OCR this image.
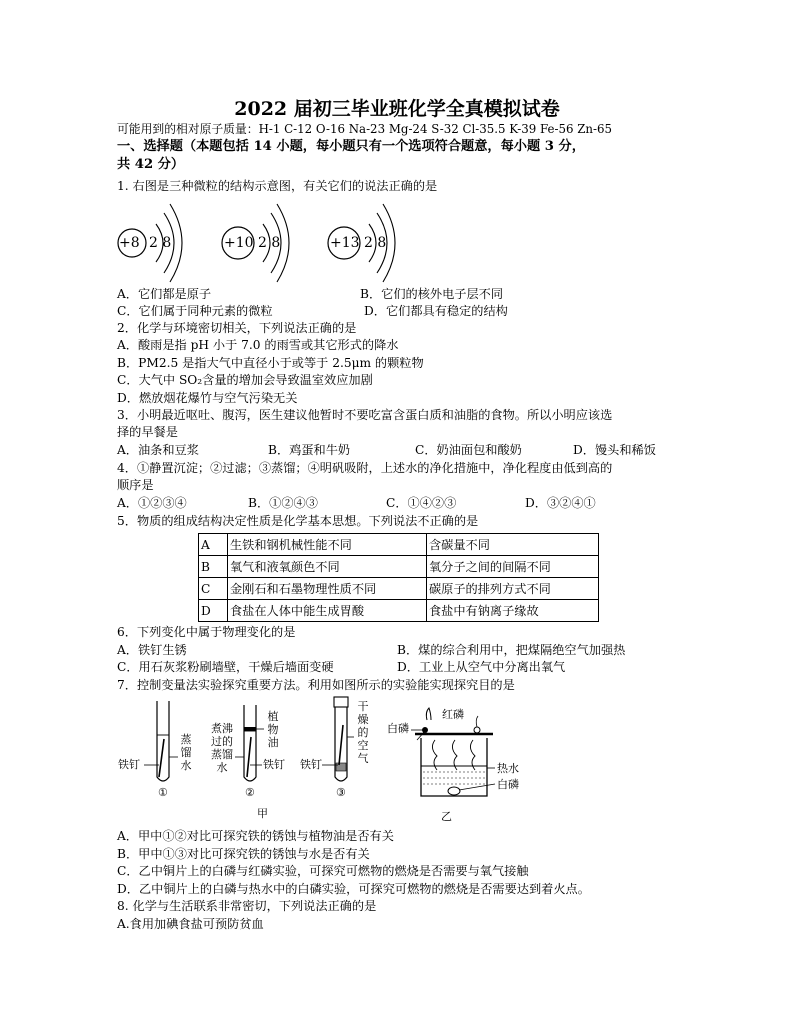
2022 届初三毕业班化学全真模拟试卷
可能用到的相对原子质量：H-1 C-12 O-16 Na-23 Mg-24 S-32 Cl-35.5 K-39 Fe-56 Zn-65
一、选择题（本题包括 14 小题，每小题只有一个选项符合题意，每小题 3 分，
共 42 分）
1. 右图是三种微粒的结构示意图，有关它们的说法正确的是
+8 2 8	+10 2 8	+13 2 8
A．它们都是原子	B．它们的核外电子层不同
C．它们属于同种元素的微粒	D．它们都具有稳定的结构
2．化学与环境密切相关，下列说法正确的是
A．酸雨是指 pH 小于 7.0 的雨雪或其它形式的降水
B．PM2.5 是指大气中直径小于或等于 2.5μm 的颗粒物
C．大气中 SO₂含量的增加会导致温室效应加剧
D．燃放烟花爆竹与空气污染无关
3．小明最近呕吐、腹泻，医生建议他暂时不要吃富含蛋白质和油脂的食物。所以小明应该选
择的早餐是
A．油条和豆浆	B．鸡蛋和牛奶	C．奶油面包和酸奶	D．馒头和稀饭
4．①静置沉淀；②过滤；③蒸馏；④明矾吸附，上述水的净化措施中，净化程度由低到高的
顺序是
A．①②③④	B．①②④③	C．①④②③	D．③②④①
5．物质的组成结构决定性质是化学基本思想。下列说法不正确的是
A	生铁和钢机械性能不同	含碳量不同
B	氧气和液氧颜色不同	氧分子之间的间隔不同
C	金刚石和石墨物理性质不同	碳原子的排列方式不同
D	食盐在人体中能生成胃酸	食盐中有钠离子缘故
6．下列变化中属于物理变化的是
A．铁钉生锈	B．煤的综合利用中，把煤隔绝空气加强热
C．用石灰浆粉刷墙壁，干燥后墙面变硬	D．工业上从空气中分离出氧气
7．控制变量法实验探究重要方法。利用如图所示的实验能实现探究目的是
铁钉
蒸馏水
①
煮沸过的蒸馏水
植物油
铁钉
②
干燥的空气
铁钉
③
甲
白磷
红磷
热水
白磷
乙
A．甲中①②对比可探究铁的锈蚀与植物油是否有关
B．甲中①③对比可探究铁的锈蚀与水是否有关
C．乙中铜片上的白磷与红磷实验，可探究可燃物的燃烧是否需要与氧气接触
D．乙中铜片上的白磷与热水中的白磷实验，可探究可燃物的燃烧是否需要达到着火点。
8. 化学与生活联系非常密切，下列说法正确的是
A.食用加碘食盐可预防贫血
